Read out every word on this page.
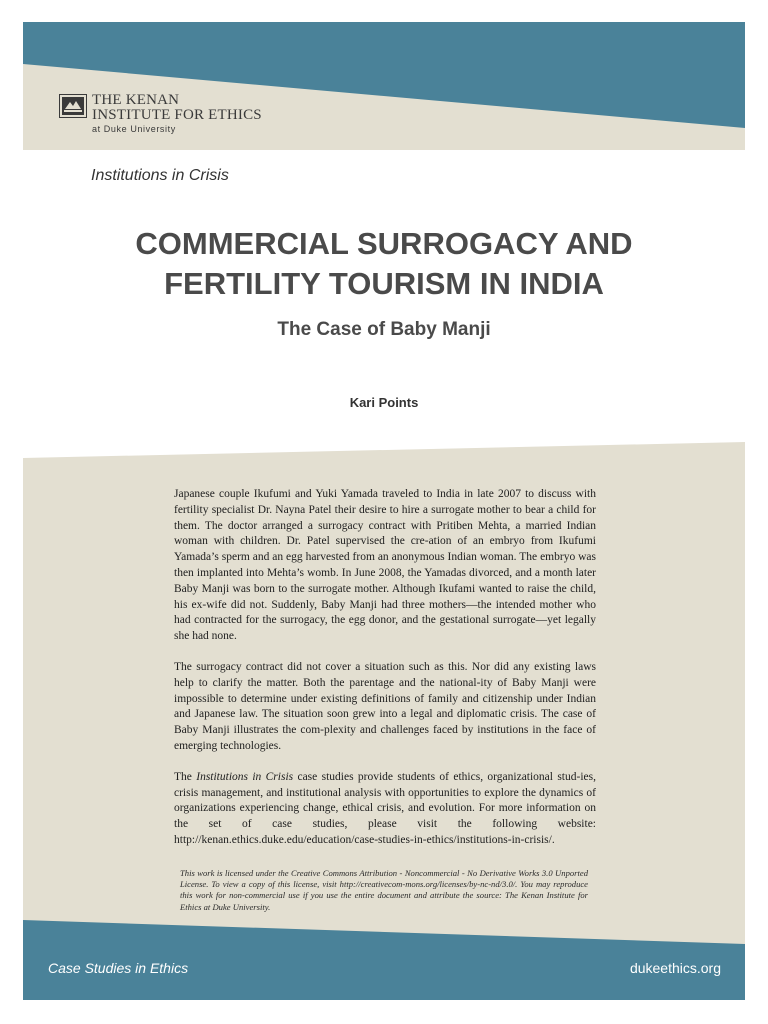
THE KENAN
INSTITUTE FOR ETHICS
at Duke University
Institutions in Crisis
COMMERCIAL SURROGACY AND
FERTILITY TOURISM IN INDIA
The Case of Baby Manji
Kari Points

Japanese couple Ikufumi and Yuki Yamada traveled to India in late 2007 to discuss with fertility specialist Dr. Nayna Patel their desire to hire a surrogate mother to bear a child for them. The doctor arranged a surrogacy contract with Pritiben Mehta, a married Indian woman with children. Dr. Patel supervised the cre-ation of an embryo from Ikufumi Yamada’s sperm and an egg harvested from an anonymous Indian woman. The embryo was then implanted into Mehta’s womb. In June 2008, the Yamadas divorced, and a month later Baby Manji was born to the surrogate mother. Although Ikufami wanted to raise the child, his ex-wife did not. Suddenly, Baby Manji had three mothers—the intended mother who had contracted for the surrogacy, the egg donor, and the gestational surrogate—yet legally she had none.

The surrogacy contract did not cover a situation such as this. Nor did any existing laws help to clarify the matter. Both the parentage and the national-ity of Baby Manji were impossible to determine under existing definitions of family and citizenship under Indian and Japanese law. The situation soon grew into a legal and diplomatic crisis. The case of Baby Manji illustrates the com-plexity and challenges faced by institutions in the face of emerging technologies.

The Institutions in Crisis case studies provide students of ethics, organizational stud-ies, crisis management, and institutional analysis with opportunities to explore the dynamics of organizations experiencing change, ethical crisis, and evolution. For more information on the set of case studies, please visit the following website: http://kenan.ethics.duke.edu/education/case-studies-in-ethics/institutions-in-crisis/.

This work is licensed under the Creative Commons Attribution - Noncommercial - No Derivative Works 3.0 Unported License. To view a copy of this license, visit http://creativecom-mons.org/licenses/by-nc-nd/3.0/. You may reproduce this work for non-commercial use if you use the entire document and attribute the source: The Kenan Institute for Ethics at Duke University.
Case Studies in Ethics	dukeethics.org
